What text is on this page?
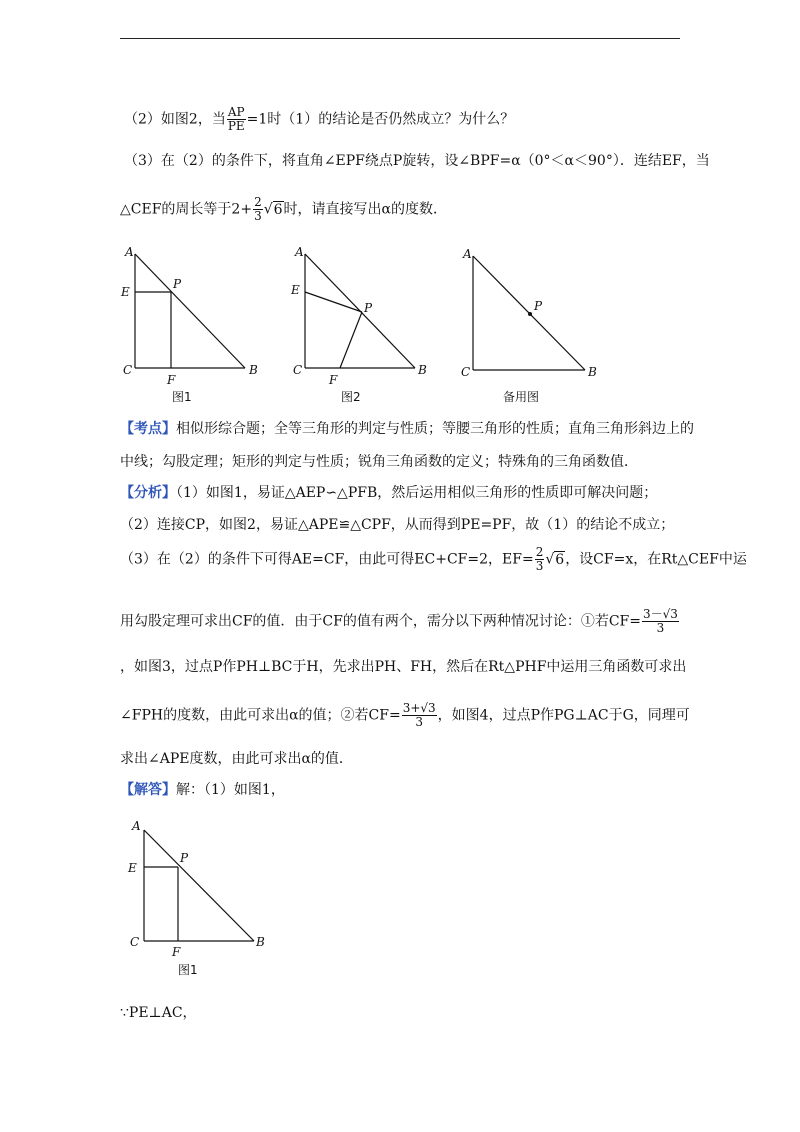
（2）如图2，当 $\frac{AP}{PE} =1$时（1）的结论是否仍然成立？为什么？
（3）在（2）的条件下，将直角∠EPF绕点P旋转，设∠BPF=α（0°＜α＜90°）．连结EF，当
△CEF的周长等于$2+ \frac{2}{3} √6$时，请直接写出α的度数．
A
E
P
C
F
B
图1
A
E
P
C
F
B
图2
A
P
C	B
备用图
【考点】相似形综合题；全等三角形的判定与性质；等腰三角形的性质；直角三角形斜边上的
中线；勾股定理；矩形的判定与性质；锐角三角函数的定义；特殊角的三角函数值．
【分析】（1）如图1，易证△AEP∽△PFB，然后运用相似三角形的性质即可解决问题；
（2）连接CP，如图2，易证△APE≌△CPF，从而得到PE=PF，故（1）的结论不成立；
（3）在（2）的条件下可得AE=CF，由此可得EC+CF=2，$EF= \frac{2}{3} √6$，设CF=x，在Rt△CEF中运
用勾股定理可求出CF的值．由于CF的值有两个，需分以下两种情况讨论：①若$CF= \frac{3-√3}{3}$
，如图3，过点P作PH⊥BC于H，先求出PH、FH，然后在Rt△PHF中运用三角函数可求出
∠FPH的度数，由此可求出α的值；②若$CF= \frac{3+√3}{3}$ ，如图4，过点P作PG⊥AC于G，同理可
求出∠APE度数，由此可求出α的值．
【解答】解：（1）如图1，
A
E
P
C
F
B
图1
∵PE⊥AC，
